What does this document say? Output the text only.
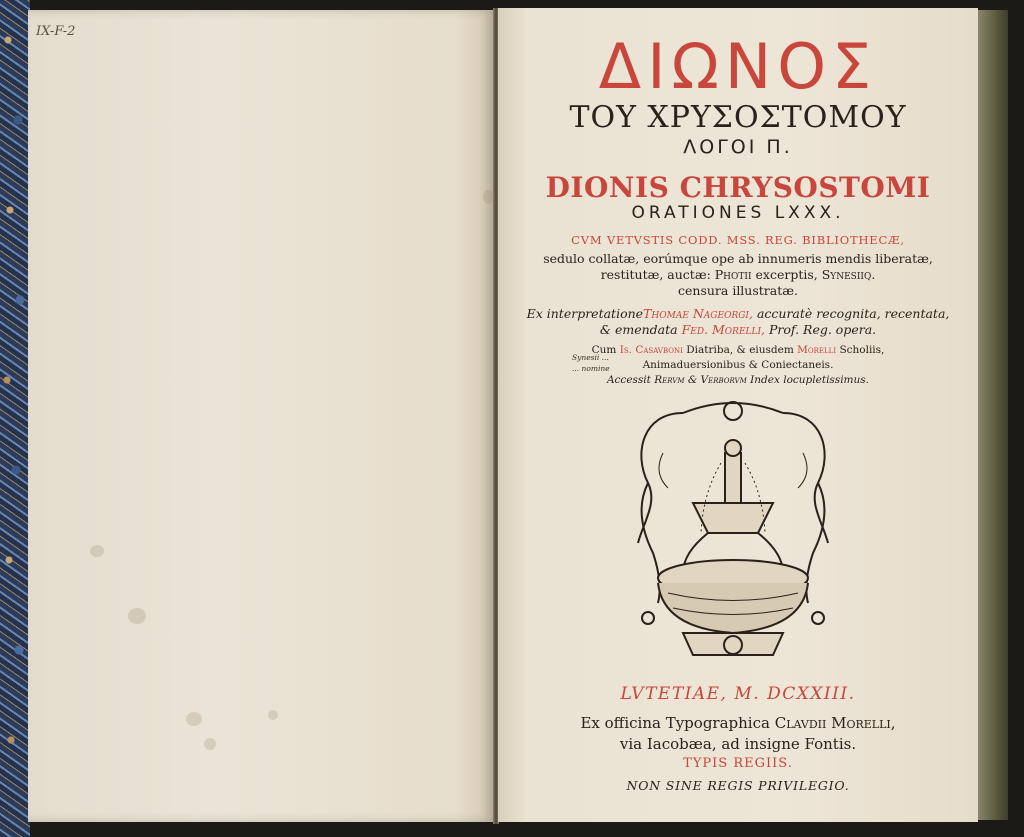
IX-F-2	ΔΙΩΝΟΣ
ΤΟΥ ΧΡΥΣΟΣΤΟΜΟΥ
ΛΟΓΟΙ Π.
DIONIS CHRYSOSTOMI
ORATIONES LXXX.
CVM VETVSTIS CODD. MSS. REG. BIBLIOTHECÆ,
sedulo collatæ, eorúmque ope ab innumeris mendis liberatæ,
restitutæ, auctæ: Photii excerptis, Synesiiq.
censura illustratæ.
Ex interpretationeThomae Nageorgi, accuratè recognita, recentata,
& emendata Fed. Morelli, Prof. Reg. opera.
Cum Is. Casavboni Diatriba, & eiusdem Morelli Scholiis,
Animaduersionibus & Coniectaneis.
Accessit Rervm & Verborvm Index locupletissimus.
Synesii ...
... nomine
LVTETIAE, M. DCXXIII.
Ex officina Typographica Clavdii Morelli,
via Iacobæa, ad insigne Fontis.
TYPIS REGIIS.
NON SINE REGIS PRIVILEGIO.
